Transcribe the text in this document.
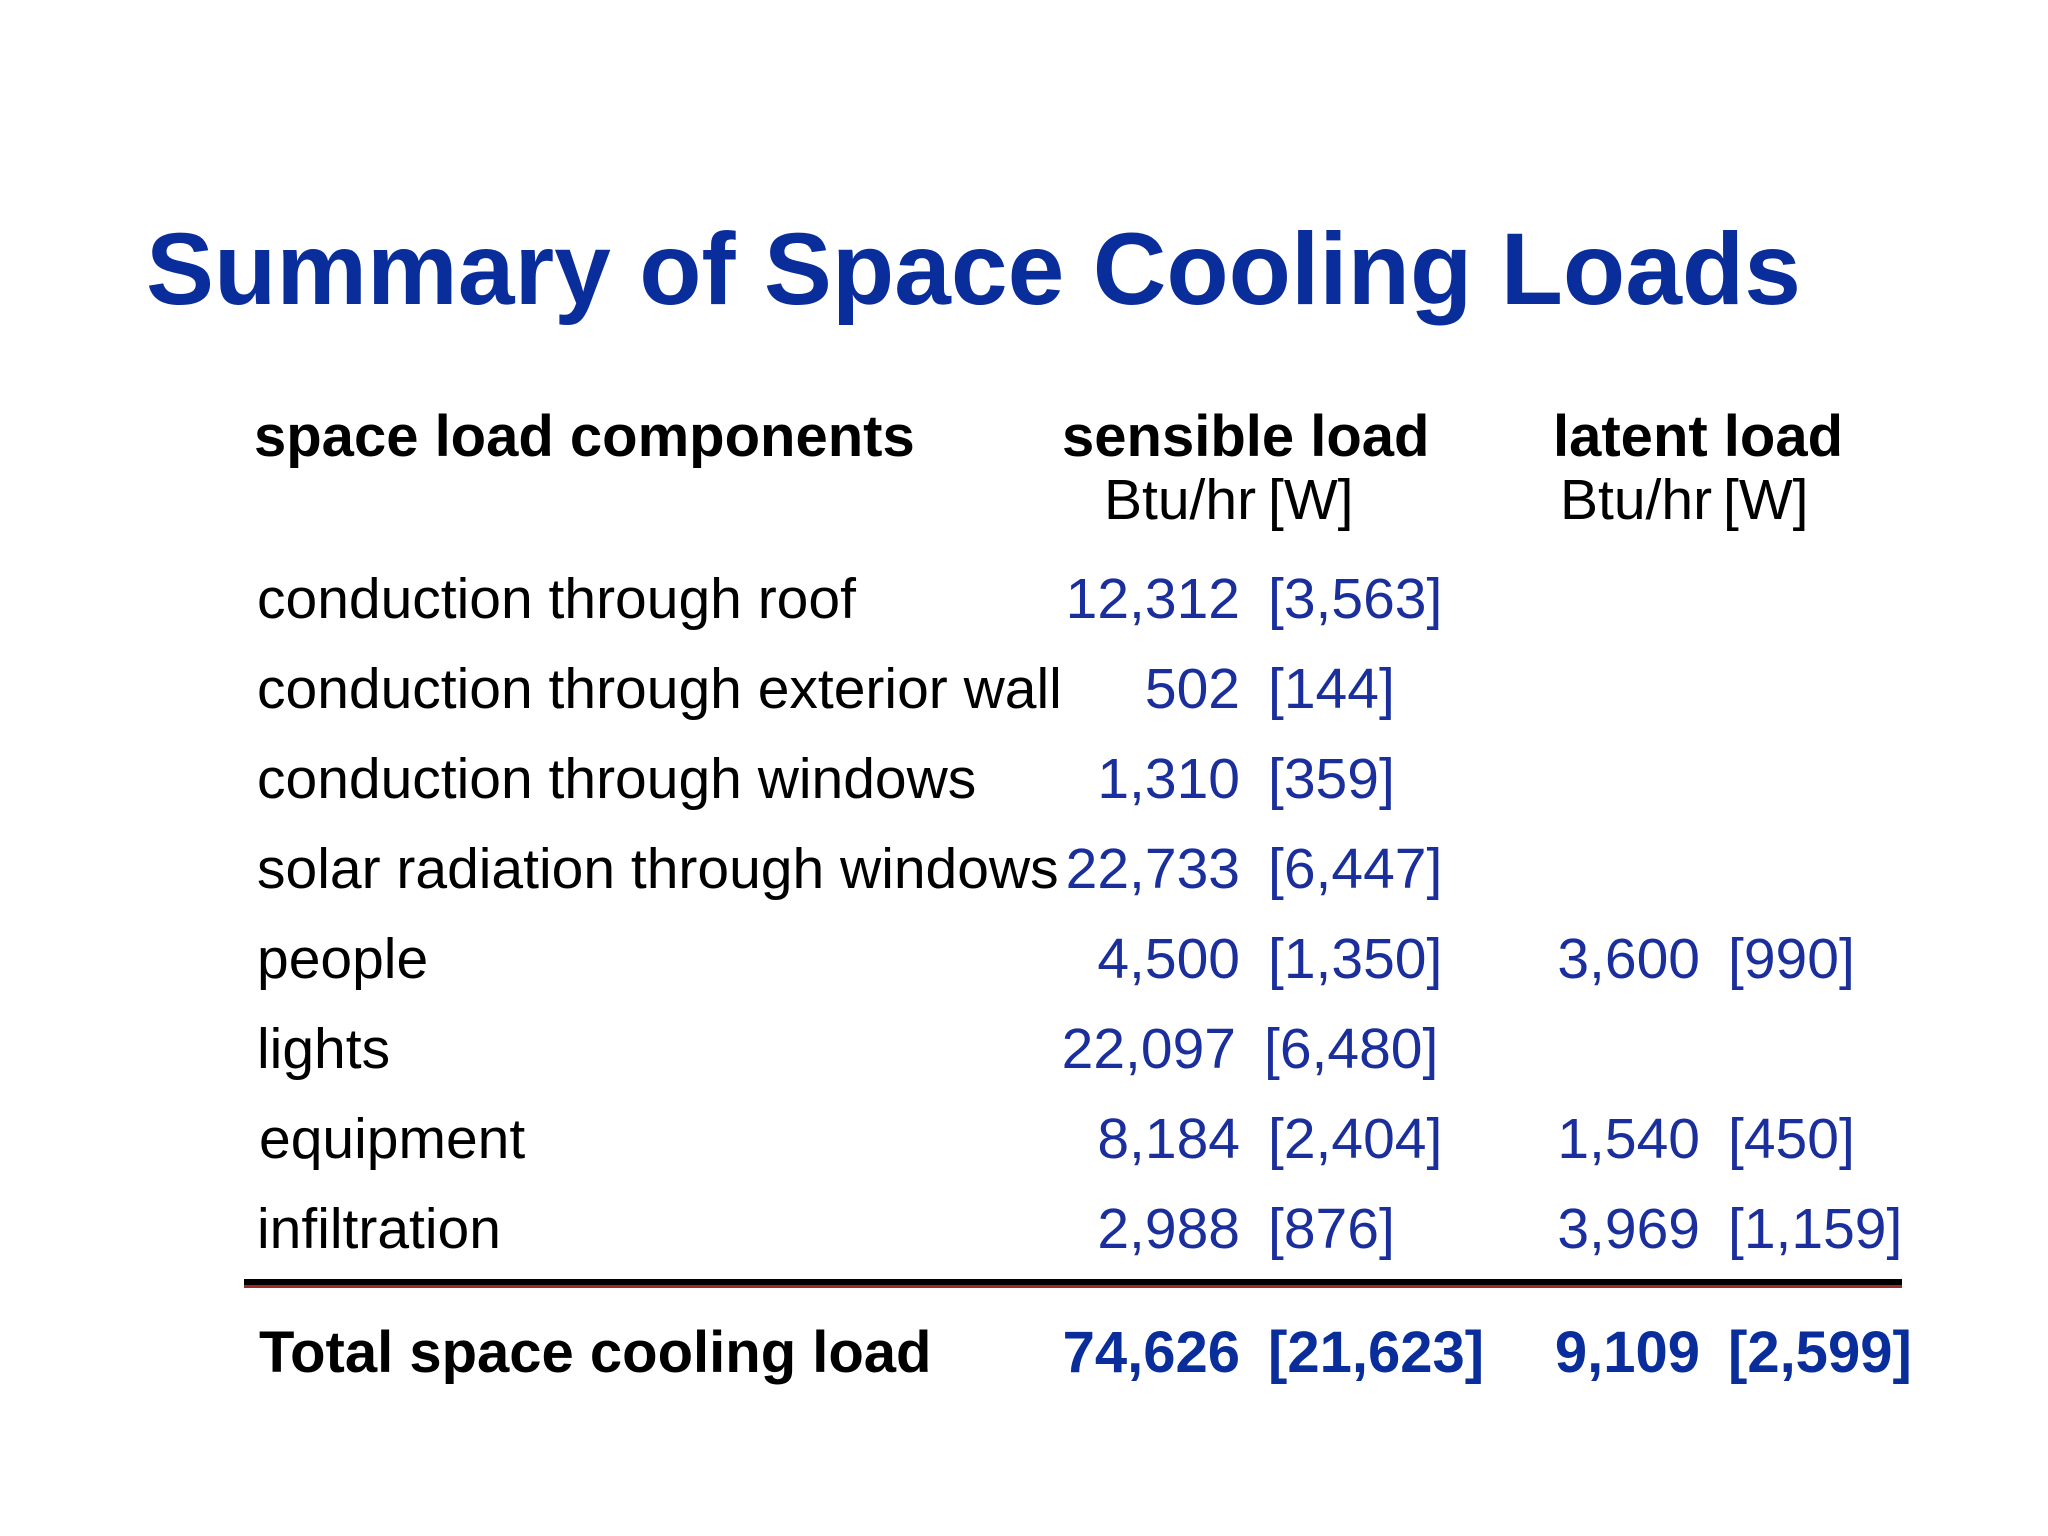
Summary of Space Cooling Loads
space load components	sensible load latent load
Btu/hr [W]	Btu/hr [W]
conduction through roof	12,312 [3,563]
conduction through exterior wall	502 [144]
conduction through windows	1,310 [359]
solar radiation through windows 22,733 [6,447]
people	4,500 [1,350]	3,600 [990]
lights	22,097 [6,480]
equipment	8,184 [2,404]	1,540 [450]
infiltration	2,988 [876]	3,969 [1,159]
Total space cooling load	74,626 [21,623]	9,109 [2,599]
